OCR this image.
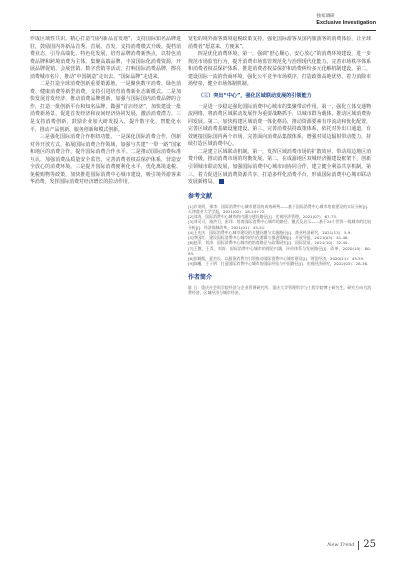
独家调研
Exclusive Investigation

作成区域性共识。精心打造“国内新品首发地”，支持国际知名品牌进驻，鼓励国内外新品首秀、首展、首发，支持消费模式升级。提档消费业态，引导高端化、特色化发展，培育品牌消费新热点，以特色消费品牌和跨境消费为主体，集聚高端品牌，丰富国际化消费资源，开展品牌促销、会展营销、数字营销等活动，打响国际消费品牌，擦亮消费城市名片，推动“中国制造”走出去、“国际品牌”走进来。

二是打造全球消费创新重要策源地。一是聚焦数字消费、绿色消费、健康消费等新型消费，支持引进培育消费新业态新模式。二是加快发展首发经济，推动消费品牌创新，加强与国际国内消费品牌的合作，打造一批创新平台和知名品牌，做强“首店经济”，加快建设一批消费新场景，促进首发经济和夜间经济协同发展，激活消费潜力。三是支持消费创新，鼓励企业加大研发投入，提升数字化、智能化水平，推动产品创新、服务创新和模式创新。

三是强化国际消费合作枢纽功能。一是深化国际消费合作，创新对外开放方式，拓展国际消费合作领域，加强与共建“一带一路”国家和地区的消费合作，提升国际消费合作水平。二是推动国际消费标准互认，加强消费品质量安全监管，完善消费者权益保护体系，营造安全放心的消费环境。三是提升国际消费便利化水平，优化离境退税、免税购物等政策，加快推进国际消费中心城市建设，吸引境外游客来华消费，发挥国际消费对经济增长的拉动作用。

宽松的境外游客离境退税政策支持，强化国际游客及国内旅游客的消费体验，让全球消费者“愿意来、方便来”。

四是优化消费环境。第一，强调“舒心顺心、安心放心”的消费环境建设，进一步规范市场监管行为，提升消费市场监管规范化与治理现代化能力，完善市场秩序体系和消费者权益保护体系，推进消费者权益保护和消费纠纷多元化解机制建设。第二，建设国际一流的营商环境，强化公平竞争市场秩序，打造政策高地优势，着力消除市场壁垒，健全市场体制机制。

（三）突出“中心”，强化区域联动发展的引领能力

一是进一步稳定强化国际消费中心城市的集聚带动作用。第一，强化立体交通物流网络，将消费区域联动发展作为重要战略抓手，以城市群为载体，推动区域消费协同发展。第二，加快构建区域消费一体化格局，推动资源要素有序流动和优化配置，完善区域消费基础设施建设。第三，完善消费扶持政策体系，依托对外出口通道，有效链接国际国内两个市场，完善面向消费品集散体系，增强对周边辐射带动能力，持续打造区域消费中心。

二是建立区域联动机制。第一，发挥区域消费市场的扩散效应，带动周边地区消费升级，推动消费市场的均衡发展。第二，在成渝地区双城经济圈建设框架下，创新引领城市联动发展，加强国际消费中心城市间协同合作，建立健全利益共享机制。第三，着力促进区域消费资源共享，打造多样化消费平台，形成国际消费中心城市联动发展新格局。

参考文献
[1]许英明，邢李．国际消费中心城市建设的成效研判——基于国际消费中心城市培育建设的实证分析[J]．天津商业大学学报，2021(02)：18-24+72.
[2]刘涛，国际消费中心城市的内涵与建设路径[J]．宏观经济管理，2021(07)：67-73.
[3]刘司可，路洪卫，彭玮．培育国际消费中心城市的路径、模式及启示——基于24个世界一线城市的比较分析[J]．经济体制改革，2021(01)：45-51.
[4]王先庆．国际消费中心城市建设的关键问题与实施路径[J]．商业经济研究，2021(13)：5-9.
[5]李国红．建设国际消费中心城市的内在逻辑与推进策略[J]．开放导报，2021(03)：41-48.
[6]赵萍，刘涛．国际消费中心城市的培育路径与政策研究[J]．国际贸易，2021(10)：32-40.
[7]王微，王青，刘涛．国际消费中心城市的理论内涵、评价体系与发展路径[J]．改革，2020(10)：80-93.
[8]张颖熙，夏杰长．以服务消费为引领推动国际消费中心城市建设[J]．财贸经济，2020(11)：43-55.
[9]陈曦，王子明．打造国际消费中心城市的国际经验与中国路径[J]．宏观经济研究，2022(03)：28-36.
作者简介
陈 丑：重庆社会科学院经济与企业管理研究所，重庆大学管理科学与工程学院博士研究生。研究方向为消费经济、区域经济与城市经济。
New Trend 25
